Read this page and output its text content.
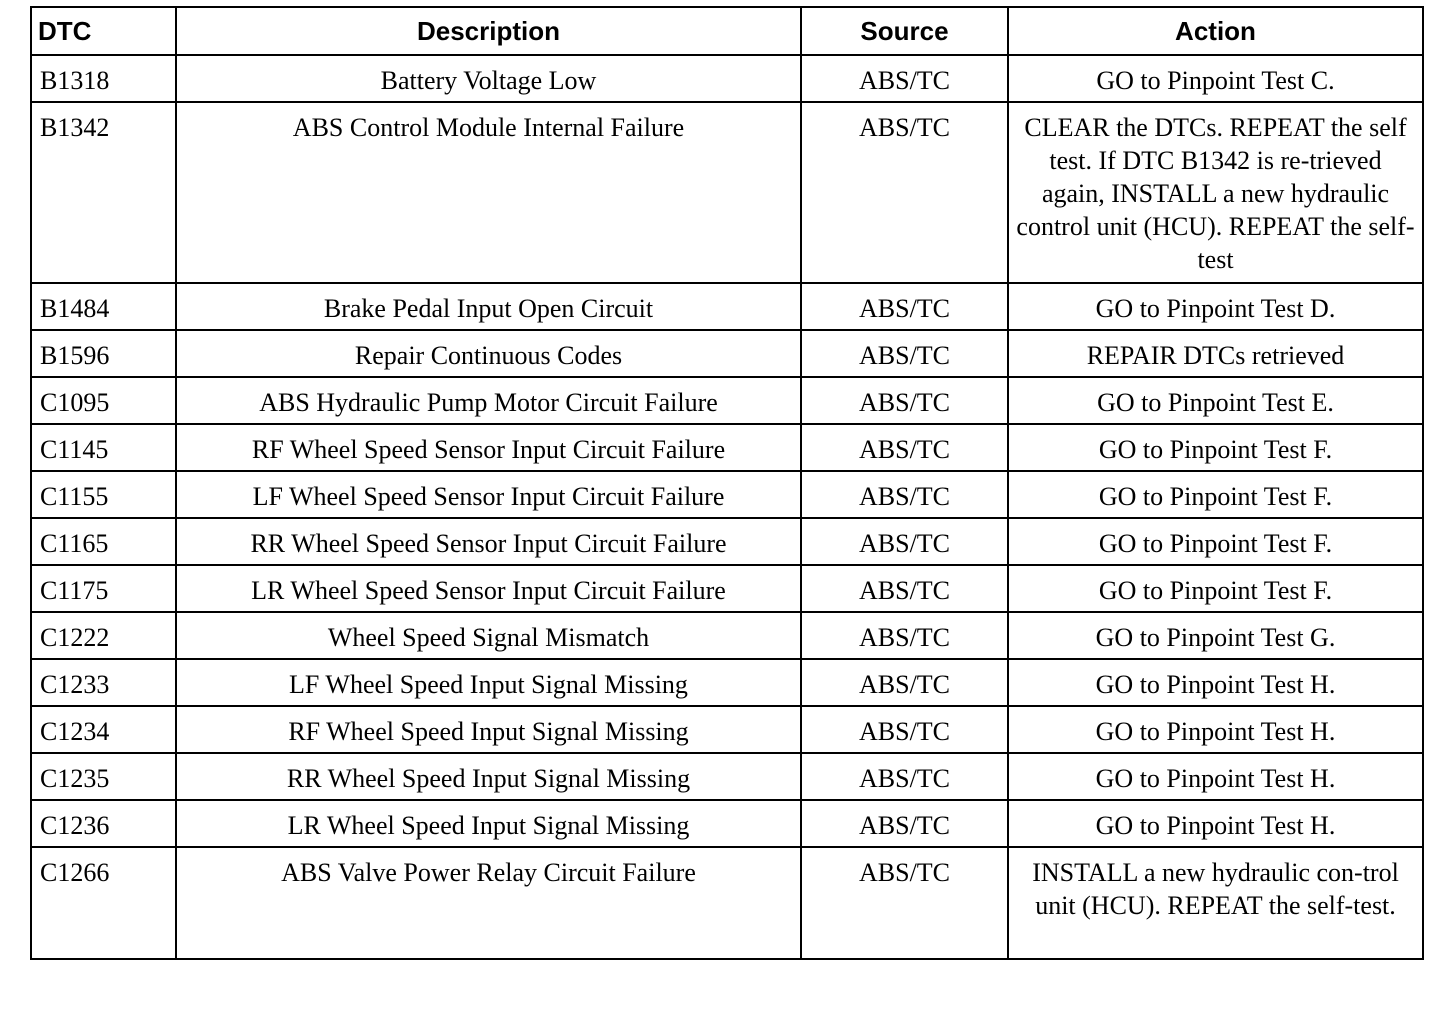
DTC	Description	Source	Action
B1318	Battery Voltage Low	ABS/TC	GO to Pinpoint Test C.
B1342	ABS Control Module Internal Failure	ABS/TC	CLEAR the DTCs. REPEAT the self test. If DTC B1342 is re-trieved again, INSTALL a new hydraulic control unit (HCU). REPEAT the self-test
B1484	Brake Pedal Input Open Circuit	ABS/TC	GO to Pinpoint Test D.
B1596	Repair Continuous Codes	ABS/TC	REPAIR DTCs retrieved
C1095	ABS Hydraulic Pump Motor Circuit Failure	ABS/TC	GO to Pinpoint Test E.
C1145	RF Wheel Speed Sensor Input Circuit Failure	ABS/TC	GO to Pinpoint Test F.
C1155	LF Wheel Speed Sensor Input Circuit Failure	ABS/TC	GO to Pinpoint Test F.
C1165	RR Wheel Speed Sensor Input Circuit Failure	ABS/TC	GO to Pinpoint Test F.
C1175	LR Wheel Speed Sensor Input Circuit Failure	ABS/TC	GO to Pinpoint Test F.
C1222	Wheel Speed Signal Mismatch	ABS/TC	GO to Pinpoint Test G.
C1233	LF Wheel Speed Input Signal Missing	ABS/TC	GO to Pinpoint Test H.
C1234	RF Wheel Speed Input Signal Missing	ABS/TC	GO to Pinpoint Test H.
C1235	RR Wheel Speed Input Signal Missing	ABS/TC	GO to Pinpoint Test H.
C1236	LR Wheel Speed Input Signal Missing	ABS/TC	GO to Pinpoint Test H.
C1266	ABS Valve Power Relay Circuit Failure	ABS/TC	INSTALL a new hydraulic con-trol unit (HCU). REPEAT the self-test.
